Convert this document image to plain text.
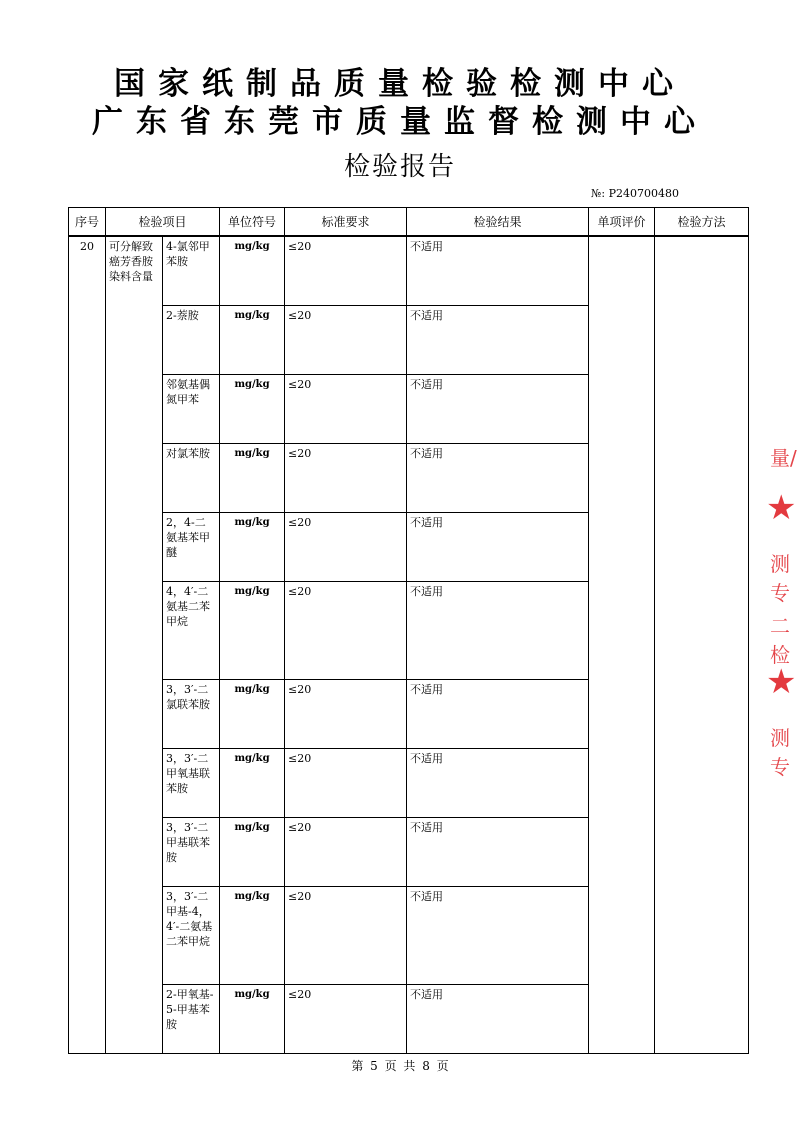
国家纸制品质量检验检测中心
广东省东莞市质量监督检测中心
检验报告
№: P240700480
序号	检验项目		单位符号	标准要求	检验结果	单项评价	检验方法
20	可分解致癌芳香胺染料含量	4-氯邻甲苯胺	mg/kg	≤20	不适用		
		2-萘胺	mg/kg	≤20	不适用		
		邻氨基偶氮甲苯	mg/kg	≤20	不适用		
		对氯苯胺	mg/kg	≤20	不适用		
		2，4-二氨基苯甲醚	mg/kg	≤20	不适用		
		4，4′-二氨基二苯甲烷	mg/kg	≤20	不适用		
		3，3′-二氯联苯胺	mg/kg	≤20	不适用		
		3，3′-二甲氧基联苯胺	mg/kg	≤20	不适用		
		3，3′-二甲基联苯胺	mg/kg	≤20	不适用		
		3，3′-二甲基-4，4′-二氨基二苯甲烷	mg/kg	≤20	不适用		
		2-甲氧基-5-甲基苯胺	mg/kg	≤20	不适用		
第 5 页 共 8 页
量/
★
测专
二检
★
测专
